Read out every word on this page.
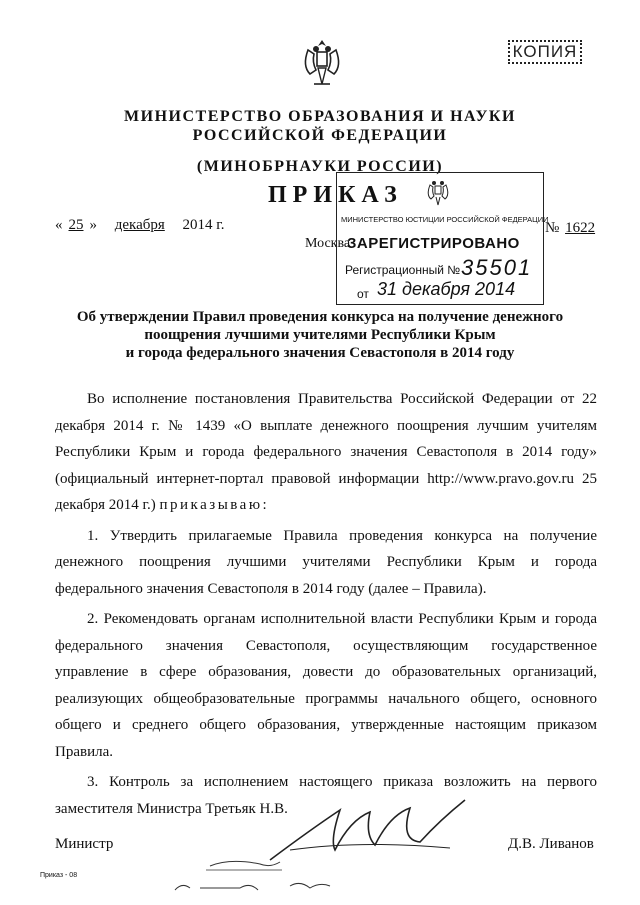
КОПИЯ
МИНИСТЕРСТВО ОБРАЗОВАНИЯ И НАУКИ
РОССИЙСКОЙ ФЕДЕРАЦИИ
(МИНОБРНАУКИ РОССИИ)
ПРИКАЗ
« 25 » декабря 2014 г.	№ 1622
Москва
МИНИСТЕРСТВО ЮСТИЦИИ РОССИЙСКОЙ ФЕДЕРАЦИИ
ЗАРЕГИСТРИРОВАНО
Регистрационный № 35501
от 31 декабря 2014
Об утверждении Правил проведения конкурса на получение денежного
поощрения лучшими учителями Республики Крым
и города федерального значения Севастополя в 2014 году

Во исполнение постановления Правительства Российской Федерации от 22 декабря 2014 г. № 1439 «О выплате денежного поощрения лучшим учителям Республики Крым и города федерального значения Севастополя в 2014 году» (официальный интернет-портал правовой информации http://www.pravo.gov.ru 25 декабря 2014 г.) приказываю:

1. Утвердить прилагаемые Правила проведения конкурса на получение денежного поощрения лучшими учителями Республики Крым и города федерального значения Севастополя в 2014 году (далее – Правила).

2. Рекомендовать органам исполнительной власти Республики Крым и города федерального значения Севастополя, осуществляющим государственное управление в сфере образования, довести до образовательных организаций, реализующих общеобразовательные программы начального общего, основного общего и среднего общего образования, утвержденные настоящим приказом Правила.

3. Контроль за исполнением настоящего приказа возложить на первого заместителя Министра Третьяк Н.В.

Министр	Д.В. Ливанов
Приказ - 08
